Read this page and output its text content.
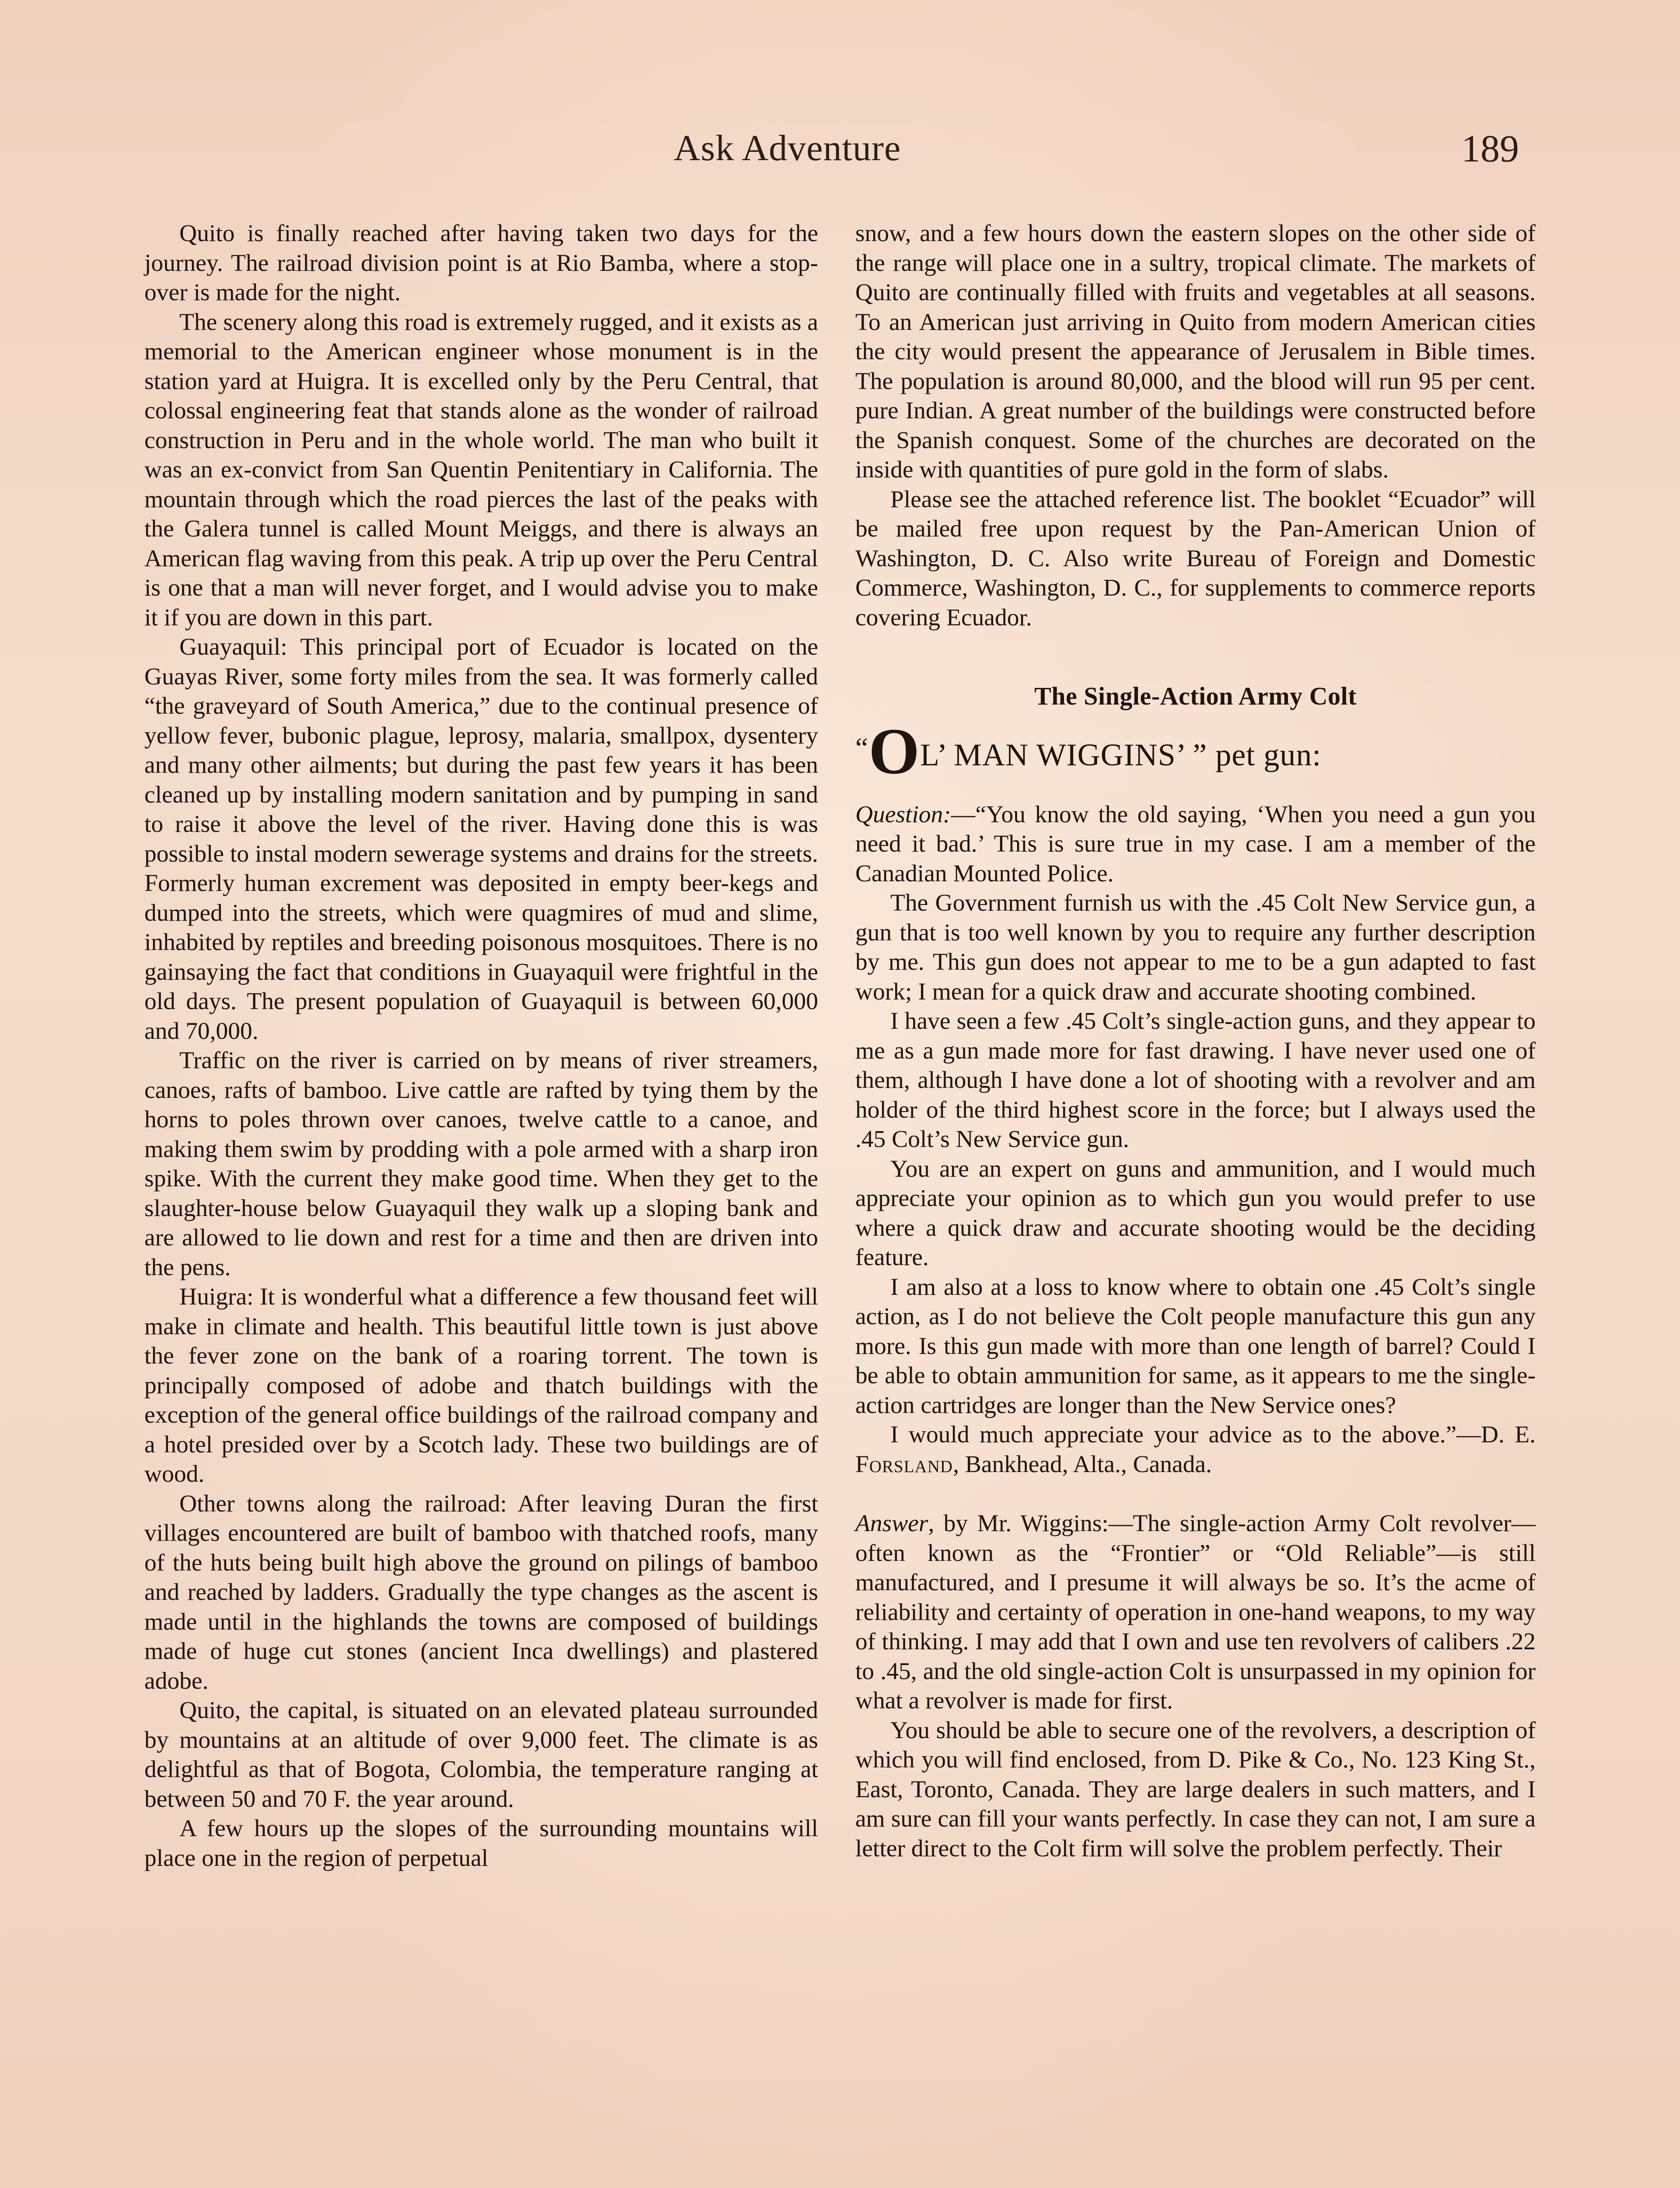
Ask Adventure	189

Quito is finally reached after having taken two days for the journey. The railroad division point is at Rio Bamba, where a stop-over is made for the night.

The scenery along this road is extremely rugged, and it exists as a memorial to the American engineer whose monument is in the station yard at Huigra. It is excelled only by the Peru Central, that colossal engineering feat that stands alone as the wonder of railroad construction in Peru and in the whole world. The man who built it was an ex-convict from San Quentin Penitentiary in California. The mountain through which the road pierces the last of the peaks with the Galera tunnel is called Mount Meiggs, and there is always an American flag waving from this peak. A trip up over the Peru Central is one that a man will never forget, and I would advise you to make it if you are down in this part.

Guayaquil: This principal port of Ecuador is located on the Guayas River, some forty miles from the sea. It was formerly called “the graveyard of South America,” due to the continual presence of yellow fever, bubonic plague, leprosy, malaria, smallpox, dysentery and many other ailments; but during the past few years it has been cleaned up by installing modern sanitation and by pumping in sand to raise it above the level of the river. Having done this is was possible to instal modern sewerage systems and drains for the streets. Formerly human excrement was deposited in empty beer-kegs and dumped into the streets, which were quagmires of mud and slime, inhabited by reptiles and breeding poisonous mosquitoes. There is no gainsaying the fact that conditions in Guayaquil were frightful in the old days. The present population of Guayaquil is between 60,000 and 70,000.

Traffic on the river is carried on by means of river streamers, canoes, rafts of bamboo. Live cattle are rafted by tying them by the horns to poles thrown over canoes, twelve cattle to a canoe, and making them swim by prodding with a pole armed with a sharp iron spike. With the current they make good time. When they get to the slaughter-house below Guayaquil they walk up a sloping bank and are allowed to lie down and rest for a time and then are driven into the pens.

Huigra: It is wonderful what a difference a few thousand feet will make in climate and health. This beautiful little town is just above the fever zone on the bank of a roaring torrent. The town is principally composed of adobe and thatch buildings with the exception of the general office buildings of the railroad company and a hotel presided over by a Scotch lady. These two buildings are of wood.

Other towns along the railroad: After leaving Duran the first villages encountered are built of bamboo with thatched roofs, many of the huts being built high above the ground on pilings of bamboo and reached by ladders. Gradually the type changes as the ascent is made until in the highlands the towns are composed of buildings made of huge cut stones (ancient Inca dwellings) and plastered adobe.

Quito, the capital, is situated on an elevated plateau surrounded by mountains at an altitude of over 9,000 feet. The climate is as delightful as that of Bogota, Colombia, the temperature ranging at between 50 and 70 F. the year around.

A few hours up the slopes of the surrounding mountains will place one in the region of perpetual

snow, and a few hours down the eastern slopes on the other side of the range will place one in a sultry, tropical climate. The markets of Quito are continually filled with fruits and vegetables at all seasons. To an American just arriving in Quito from modern American cities the city would present the appearance of Jerusalem in Bible times. The population is around 80,000, and the blood will run 95 per cent. pure Indian. A great number of the buildings were constructed before the Spanish conquest. Some of the churches are decorated on the inside with quantities of pure gold in the form of slabs.

Please see the attached reference list. The booklet “Ecuador” will be mailed free upon request by the Pan-American Union of Washington, D. C. Also write Bureau of Foreign and Domestic Commerce, Washington, D. C., for supplements to commerce reports covering Ecuador.

The Single-Action Army Colt
“OL’ MAN WIGGINS’ ” pet gun:

Question:—“You know the old saying, ‘When you need a gun you need it bad.’ This is sure true in my case. I am a member of the Canadian Mounted Police.

The Government furnish us with the .45 Colt New Service gun, a gun that is too well known by you to require any further description by me. This gun does not appear to me to be a gun adapted to fast work; I mean for a quick draw and accurate shooting combined.

I have seen a few .45 Colt’s single-action guns, and they appear to me as a gun made more for fast drawing. I have never used one of them, although I have done a lot of shooting with a revolver and am holder of the third highest score in the force; but I always used the .45 Colt’s New Service gun.

You are an expert on guns and ammunition, and I would much appreciate your opinion as to which gun you would prefer to use where a quick draw and accurate shooting would be the deciding feature.

I am also at a loss to know where to obtain one .45 Colt’s single action, as I do not believe the Colt people manufacture this gun any more. Is this gun made with more than one length of barrel? Could I be able to obtain ammunition for same, as it appears to me the single-action cartridges are longer than the New Service ones?

I would much appreciate your advice as to the above.”—D. E. Forsland, Bankhead, Alta., Canada.

Answer, by Mr. Wiggins:—The single-action Army Colt revolver—often known as the “Frontier” or “Old Reliable”—is still manufactured, and I presume it will always be so. It’s the acme of reliability and certainty of operation in one-hand weapons, to my way of thinking. I may add that I own and use ten revolvers of calibers .22 to .45, and the old single-action Colt is unsurpassed in my opinion for what a revolver is made for first.

You should be able to secure one of the revolvers, a description of which you will find enclosed, from D. Pike & Co., No. 123 King St., East, Toronto, Canada. They are large dealers in such matters, and I am sure can fill your wants perfectly. In case they can not, I am sure a letter direct to the Colt firm will solve the problem perfectly. Their
